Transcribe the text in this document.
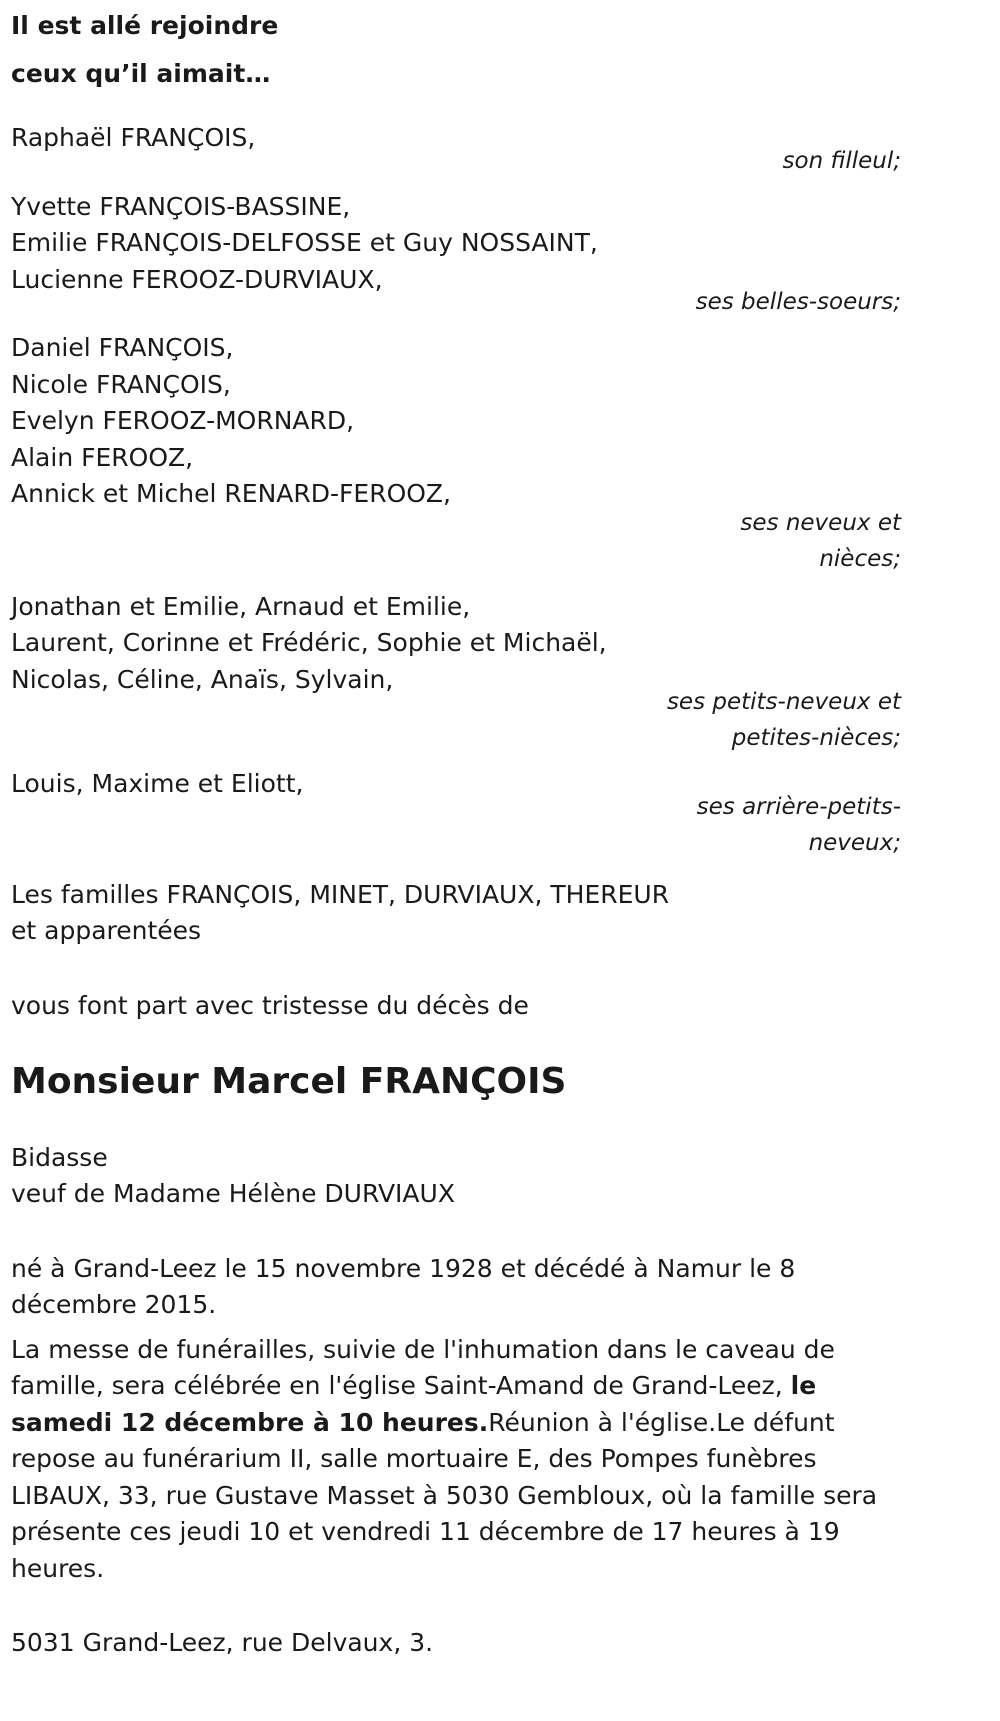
Il est allé rejoindre
ceux qu’il aimait…
Raphaël FRANÇOIS,
son filleul;
Yvette FRANÇOIS-BASSINE,
Emilie FRANÇOIS-DELFOSSE et Guy NOSSAINT,
Lucienne FEROOZ-DURVIAUX,
ses belles-soeurs;
Daniel FRANÇOIS,
Nicole FRANÇOIS,
Evelyn FEROOZ-MORNARD,
Alain FEROOZ,
Annick et Michel RENARD-FEROOZ,
ses neveux et
nièces;
Jonathan et Emilie, Arnaud et Emilie,
Laurent, Corinne et Frédéric, Sophie et Michaël,
Nicolas, Céline, Anaïs, Sylvain,
ses petits-neveux et
petites-nièces;
Louis, Maxime et Eliott,
ses arrière-petits-
neveux;
Les familles FRANÇOIS, MINET, DURVIAUX, THEREUR
et apparentées
vous font part avec tristesse du décès de
Monsieur Marcel FRANÇOIS
Bidasse
veuf de Madame Hélène DURVIAUX
né à Grand-Leez le 15 novembre 1928 et décédé à Namur le 8 décembre 2015.
La messe de funérailles, suivie de l'inhumation dans le caveau de famille, sera célébrée en l'église Saint-Amand de Grand-Leez, le samedi 12 décembre à 10 heures.Réunion à l'église.Le défunt repose au funérarium II, salle mortuaire E, des Pompes funèbres LIBAUX, 33, rue Gustave Masset à 5030 Gembloux, où la famille sera présente ces jeudi 10 et vendredi 11 décembre de 17 heures à 19 heures.
5031 Grand-Leez, rue Delvaux, 3.
